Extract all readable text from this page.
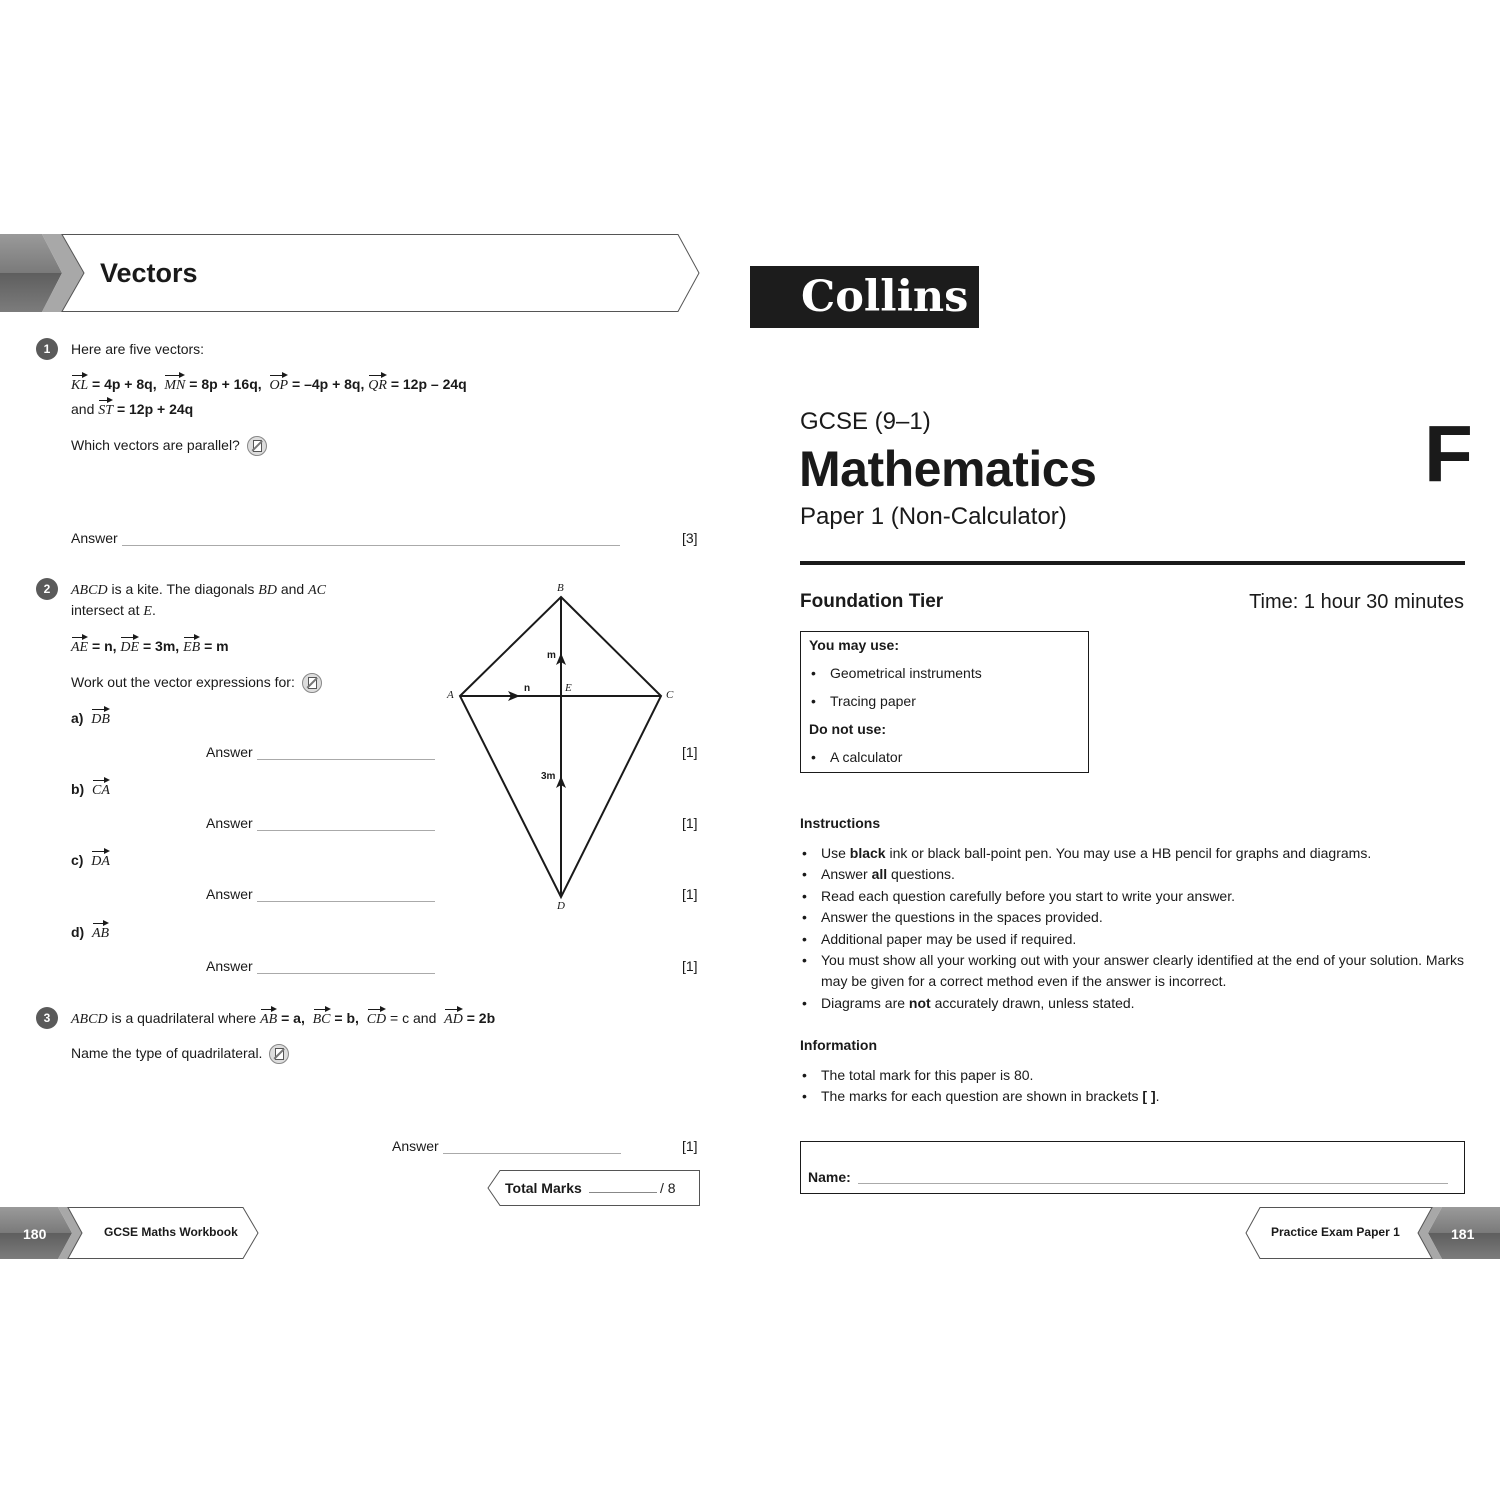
Vectors
1	Here are five vectors:
KL = 4p + 8q, MN = 8p + 16q, OP = –4p + 8q, QR = 12p – 24q
and ST = 12p + 24q
Which vectors are parallel?
Answer	[3]
2	ABCD is a kite. The diagonals BD and AC
intersect at E.
AE = n, DE = 3m, EB = m
Work out the vector expressions for:
a) DB
Answer	[1]
b) CA
Answer	[1]
c) DA
Answer	[1]
d) AB
Answer	[1]
B
A	C
D
E
n
m
3m
3	ABCD is a quadrilateral where AB = a, BC = b, CD = c and AD = 2b
Name the type of quadrilateral.
Answer	[1]
Total Marks	/ 8
180	GCSE Maths Workbook
Collins
GCSE (9–1)
Mathematics
Paper 1 (Non-Calculator)
F
Foundation Tier	Time: 1 hour 30 minutes
You may use:
• Geometrical instruments
• Tracing paper
Do not use:
• A calculator
Instructions
• Use black ink or black ball-point pen. You may use a HB pencil for graphs and diagrams.
• Answer all questions.
• Read each question carefully before you start to write your answer.
• Answer the questions in the spaces provided.
• Additional paper may be used if required.
• You must show all your working out with your answer clearly identified at the end of your solution. Marks may be given for a correct method even if the answer is incorrect.
• Diagrams are not accurately drawn, unless stated.
Information
• The total mark for this paper is 80.
• The marks for each question are shown in brackets [ ].
Name:
Practice Exam Paper 1	181
